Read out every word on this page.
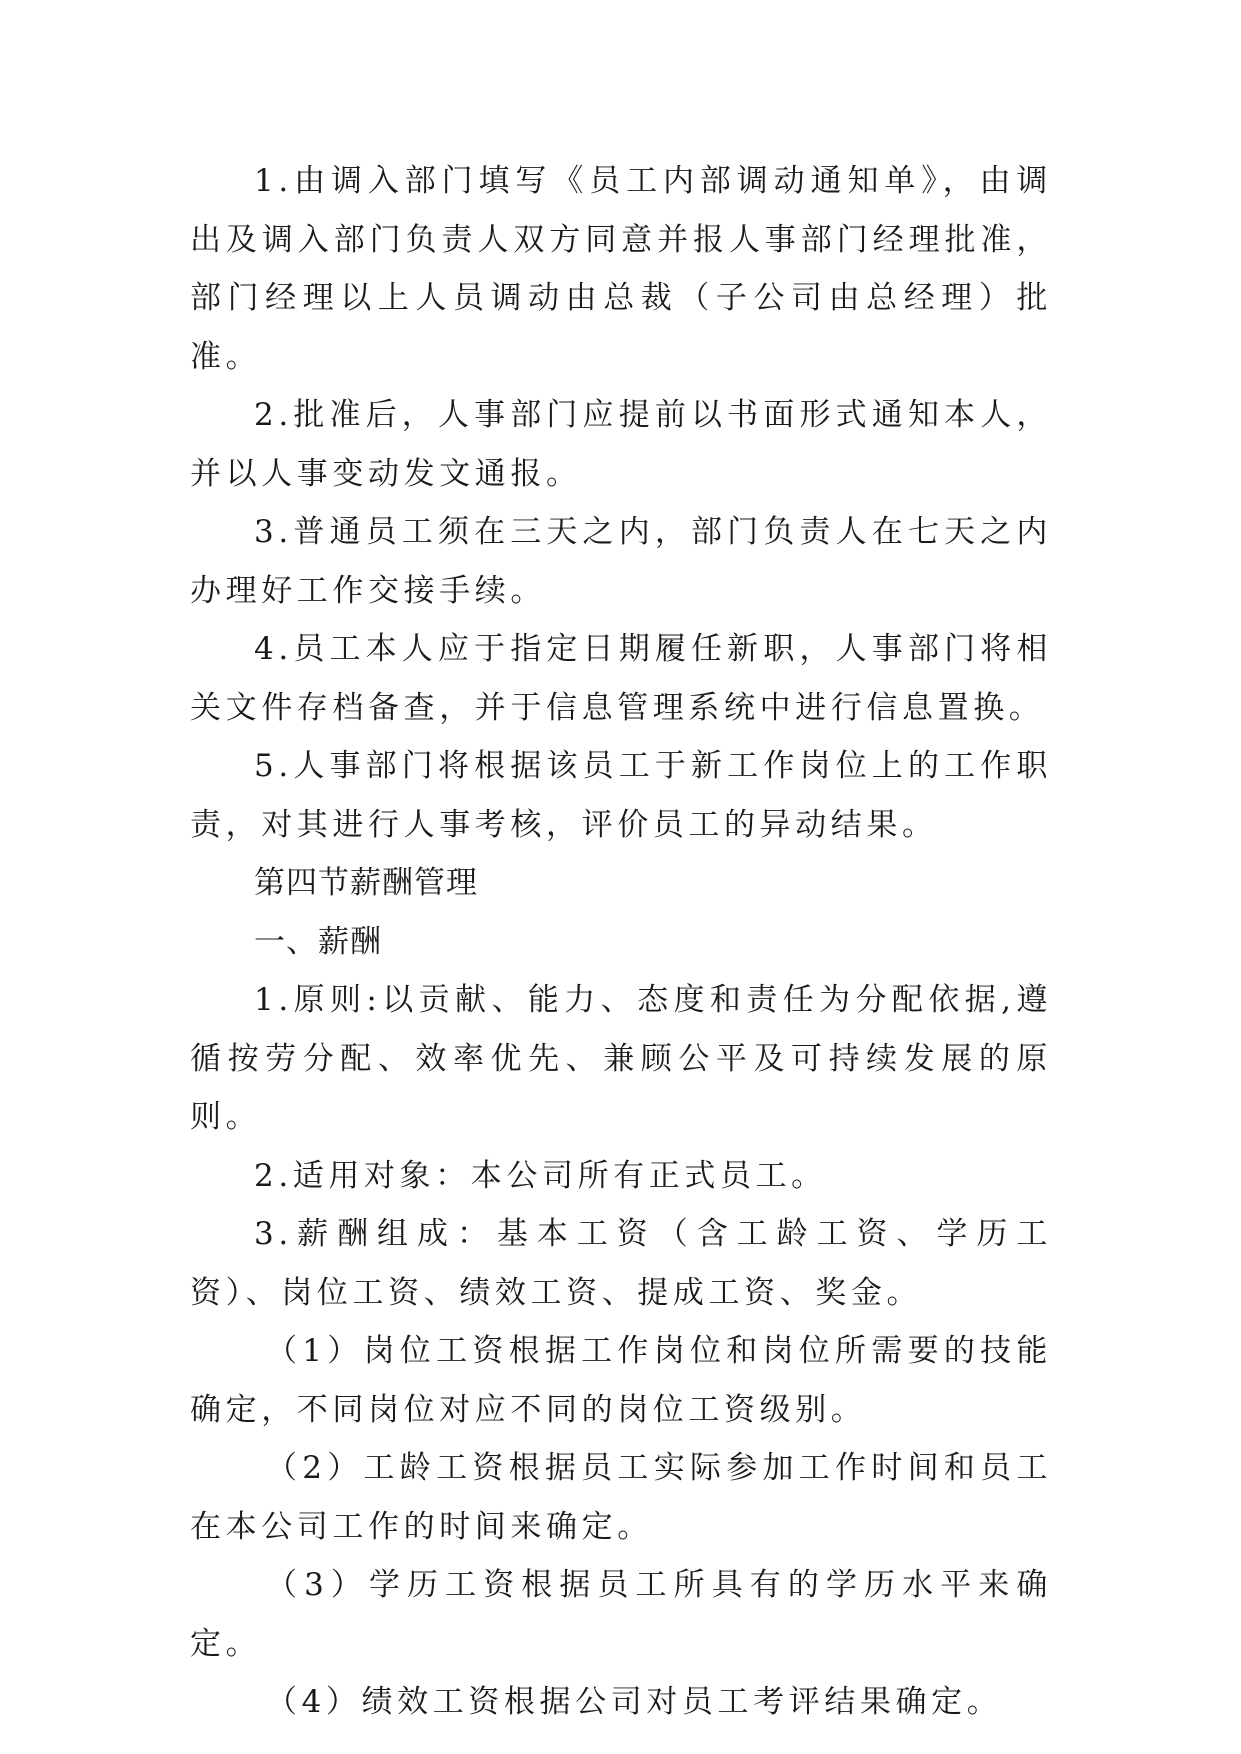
1.由调入部门填写《员工内部调动通知单》，由调出及调入部门负责人双方同意并报人事部门经理批准，部门经理以上人员调动由总裁（子公司由总经理）批准。

2.批准后，人事部门应提前以书面形式通知本人，并以人事变动发文通报。

3.普通员工须在三天之内，部门负责人在七天之内办理好工作交接手续。

4.员工本人应于指定日期履任新职，人事部门将相关文件存档备查，并于信息管理系统中进行信息置换。

5.人事部门将根据该员工于新工作岗位上的工作职责，对其进行人事考核，评价员工的异动结果。

第四节薪酬管理

一、薪酬

1.原则:以贡献、能力、态度和责任为分配依据,遵循按劳分配、效率优先、兼顾公平及可持续发展的原则。

2.适用对象：本公司所有正式员工。

3.薪酬组成：基本工资（含工龄工资、学历工资）、岗位工资、绩效工资、提成工资、奖金。

（1）岗位工资根据工作岗位和岗位所需要的技能确定，不同岗位对应不同的岗位工资级别。

（2）工龄工资根据员工实际参加工作时间和员工在本公司工作的时间来确定。

（3）学历工资根据员工所具有的学历水平来确定。

（4）绩效工资根据公司对员工考评结果确定。
